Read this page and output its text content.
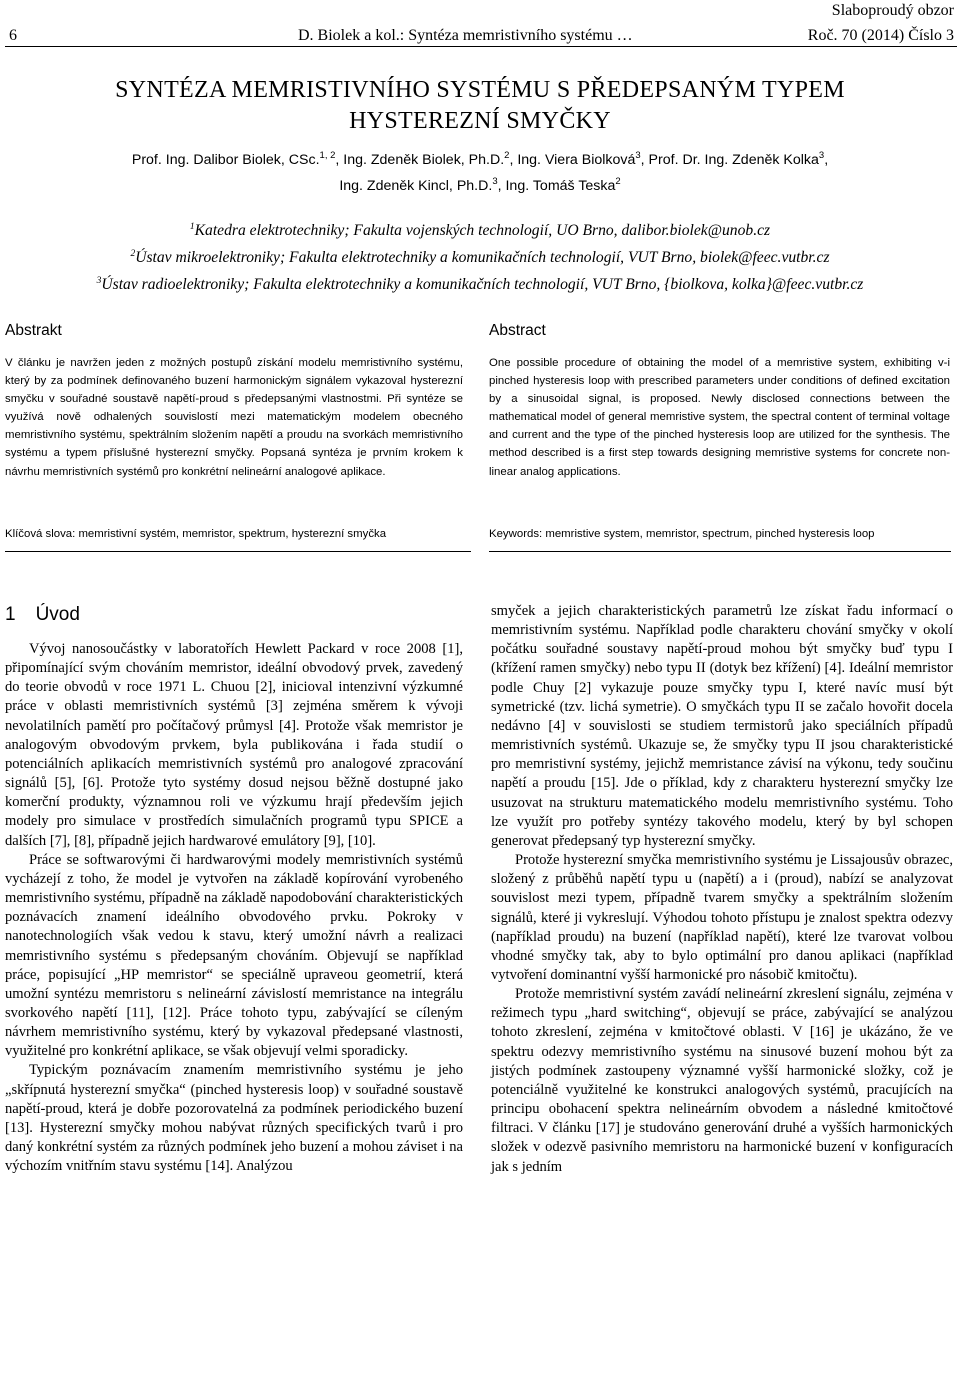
6	D. Biolek a kol.: Syntéza memristivního systému …
Slaboproudý obzor
Roč. 70 (2014) Číslo 3
SYNTÉZA MEMRISTIVNÍHO SYSTÉMU S PŘEDEPSANÝM TYPEM
HYSTEREZNÍ SMYČKY
Prof. Ing. Dalibor Biolek, CSc.$^{1, 2}$, Ing. Zdeněk Biolek, Ph.D.$^2$, Ing. Viera Biolková$^3$, Prof. Dr. Ing. Zdeněk Kolka$^3$,
Ing. Zdeněk Kincl, Ph.D.$^3$, Ing. Tomáš Teska$^2$
$^1$Katedra elektrotechniky; Fakulta vojenských technologií, UO Brno, dalibor.biolek@unob.cz
$^2$Ústav mikroelektroniky; Fakulta elektrotechniky a komunikačních technologií, VUT Brno, biolek@feec.vutbr.cz
$^3$Ústav radioelektroniky; Fakulta elektrotechniky a komunikačních technologií, VUT Brno, {biolkova, kolka}@feec.vutbr.cz
Abstrakt
V článku je navržen jeden z možných postupů získání modelu memristivního systému, který by za podmínek definovaného buzení harmonickým signálem vykazoval hysterezní smyčku v souřadné soustavě napětí-proud s předepsanými vlastnostmi. Při syntéze se využívá nově odhalených souvislostí mezi matematickým modelem obecného memristivního systému, spektrálním složením napětí a proudu na svorkách memristivního systému a typem příslušné hysterezní smyčky. Popsaná syntéza je prvním krokem k návrhu memristivních systémů pro konkrétní nelineární analogové aplikace.
Klíčová slova: memristivní systém, memristor, spektrum, hysterezní smyčka
Abstract
One possible procedure of obtaining the model of a memristive system, exhibiting v-i pinched hysteresis loop with prescribed parameters under conditions of defined excitation by a sinusoidal signal, is proposed. Newly disclosed connections between the mathematical model of general memristive system, the spectral content of terminal voltage and current and the type of the pinched hysteresis loop are utilized for the synthesis. The method described is a first step towards designing memristive systems for concrete non-linear analog applications.
Keywords: memristive system, memristor, spectrum, pinched hysteresis loop
1 Úvod

Vývoj nanosoučástky v laboratořích Hewlett Packard v roce 2008 [1], připomínající svým chováním memristor, ideální obvodový prvek, zavedený do teorie obvodů v roce 1971 L. Chuou [2], inicioval intenzivní výzkumné práce v oblasti memristivních systémů [3] zejména směrem k vývoji nevolatilních pamětí pro počítačový průmysl [4]. Protože však memristor je analogovým obvodovým prvkem, byla publikována i řada studií o potenciálních aplikacích memristivních systémů pro analogové zpracování signálů [5], [6]. Protože tyto systémy dosud nejsou běžně dostupné jako komerční produkty, významnou roli ve výzkumu hrají především jejich modely pro simulace v prostředích simulačních programů typu SPICE a dalších [7], [8], případně jejich hardwarové emulátory [9], [10].

Práce se softwarovými či hardwarovými modely memristivních systémů vycházejí z toho, že model je vytvořen na základě kopírování vyrobeného memristivního systému, případně na základě napodobování charakteristických poznávacích znamení ideálního obvodového prvku. Pokroky v nanotechnologiích však vedou k stavu, který umožní návrh a realizaci memristivního systému s předepsaným chováním. Objevují se například práce, popisující „HP memristor“ se speciálně upraveou geometrií, která umožní syntézu memristoru s nelineární závislostí memristance na integrálu svorkového napětí [11], [12]. Práce tohoto typu, zabývající se cíleným návrhem memristivního systému, který by vykazoval předepsané vlastnosti, využitelné pro konkrétní aplikace, se však objevují velmi sporadicky.

Typickým poznávacím znamením memristivního systému je jeho „skřípnutá hysterezní smyčka“ (pinched hysteresis loop) v souřadné soustavě napětí-proud, která je dobře pozorovatelná za podmínek periodického buzení [13]. Hysterezní smyčky mohou nabývat různých specifických tvarů i pro daný konkrétní systém za různých podmínek jeho buzení a mohou záviset i na výchozím vnitřním stavu systému [14]. Analýzou

smyček a jejich charakteristických parametrů lze získat řadu informací o memristivním systému. Například podle charakteru chování smyčky v okolí počátku souřadné soustavy napětí-proud mohou být smyčky buď typu I (křížení ramen smyčky) nebo typu II (dotyk bez křížení) [4]. Ideální memristor podle Chuy [2] vykazuje pouze smyčky typu I, které navíc musí být symetrické (tzv. lichá symetrie). O smyčkách typu II se začalo hovořit docela nedávno [4] v souvislosti se studiem termistorů jako speciálních případů memristivních systémů. Ukazuje se, že smyčky typu II jsou charakteristické pro memristivní systémy, jejichž memristance závisí na výkonu, tedy součinu napětí a proudu [15]. Jde o příklad, kdy z charakteru hysterezní smyčky lze usuzovat na strukturu matematického modelu memristivního systému. Toho lze využít pro potřeby syntézy takového modelu, který by byl schopen generovat předepsaný typ hysterezní smyčky.

Protože hysterezní smyčka memristivního systému je Lissajousův obrazec, složený z průběhů napětí typu u (napětí) a i (proud), nabízí se analyzovat souvislost mezi typem, případně tvarem smyčky a spektrálním složením signálů, které ji vykreslují. Výhodou tohoto přístupu je znalost spektra odezvy (například proudu) na buzení (například napětí), které lze tvarovat volbou vhodné smyčky tak, aby to bylo optimální pro danou aplikaci (například vytvoření dominantní vyšší harmonické pro násobič kmitočtu).

Protože memristivní systém zavádí nelineární zkreslení signálu, zejména v režimech typu „hard switching“, objevují se práce, zabývající se analýzou tohoto zkreslení, zejména v kmitočtové oblasti. V [16] je ukázáno, že ve spektru odezvy memristivního systému na sinusové buzení mohou být za jistých podmínek zastoupeny významné vyšší harmonické složky, což je potenciálně využitelné ke konstrukci analogových systémů, pracujících na principu obohacení spektra nelineárním obvodem a následné kmitočtové filtraci. V článku [17] je studováno generování druhé a vyšších harmonických složek v odezvě pasivního memristoru na harmonické buzení v konfiguracích jak s jedním
